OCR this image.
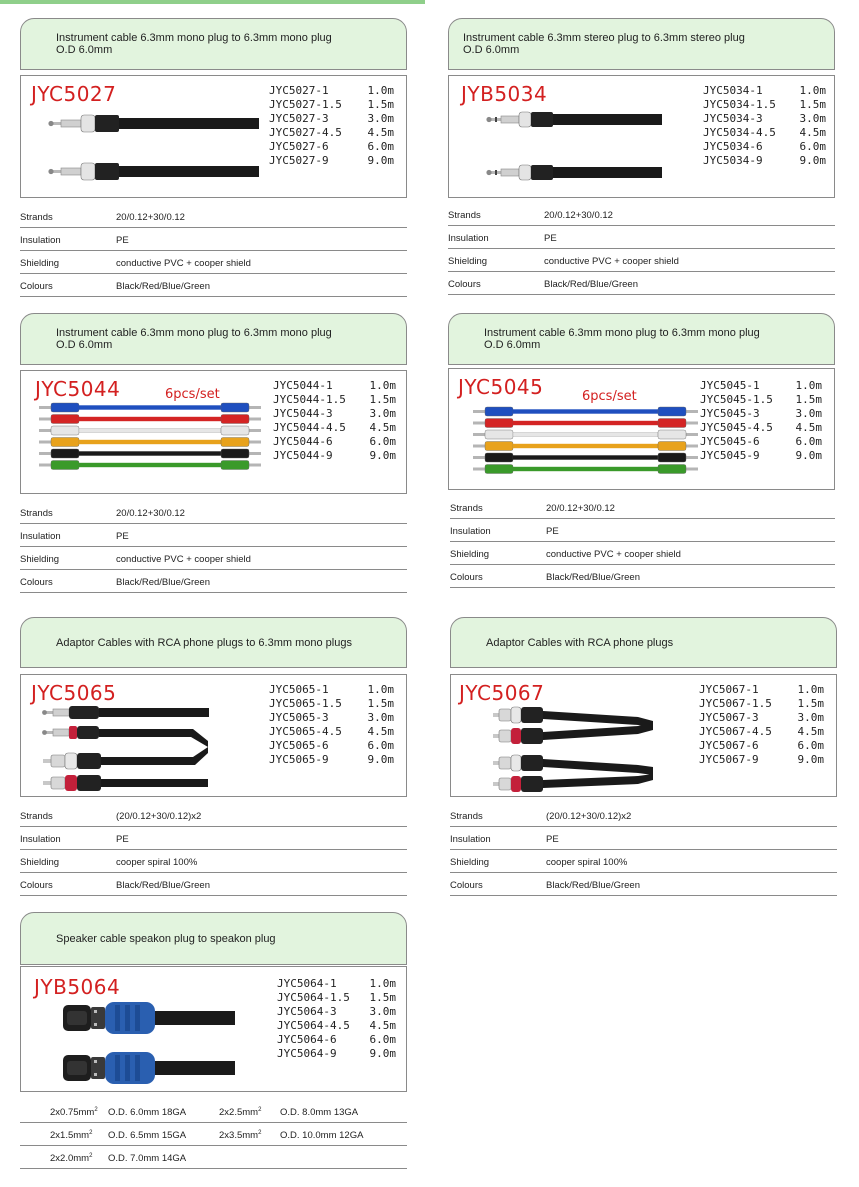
Instrument cable 6.3mm mono plug to 6.3mm mono plug
O.D 6.0mm
JYC5027	JYC5027-1	1.0m
JYC5027-1.5	1.5m
JYC5027-3	3.0m
JYC5027-4.5	4.5m
JYC5027-6	6.0m
JYC5027-9	9.0m
Strands	20/0.12+30/0.12
Insulation	PE
Shielding	conductive PVC + cooper shield
Colours	Black/Red/Blue/Green
Instrument cable 6.3mm stereo plug to 6.3mm stereo plug
O.D 6.0mm
JYB5034	JYC5034-1	1.0m
JYC5034-1.5	1.5m
JYC5034-3	3.0m
JYC5034-4.5	4.5m
JYC5034-6	6.0m
JYC5034-9	9.0m
Strands	20/0.12+30/0.12
Insulation	PE
Shielding	conductive PVC + cooper shield
Colours	Black/Red/Blue/Green
Instrument cable 6.3mm mono plug to 6.3mm mono plug
O.D 6.0mm
JYC5044	6pcs/set
JYC5044-1	1.0m
JYC5044-1.5	1.5m
JYC5044-3	3.0m
JYC5044-4.5	4.5m
JYC5044-6	6.0m
JYC5044-9	9.0m
Strands	20/0.12+30/0.12
Insulation	PE
Shielding	conductive PVC + cooper shield
Colours	Black/Red/Blue/Green
Instrument cable 6.3mm mono plug to 6.3mm mono plug
O.D 6.0mm
JYC5045	6pcs/set
JYC5045-1	1.0m
JYC5045-1.5	1.5m
JYC5045-3	3.0m
JYC5045-4.5	4.5m
JYC5045-6	6.0m
JYC5045-9	9.0m
Strands	20/0.12+30/0.12
Insulation	PE
Shielding	conductive PVC + cooper shield
Colours	Black/Red/Blue/Green
Adaptor Cables with RCA phone plugs to 6.3mm mono plugs
JYC5065	JYC5065-1	1.0m
JYC5065-1.5	1.5m
JYC5065-3	3.0m
JYC5065-4.5	4.5m
JYC5065-6	6.0m
JYC5065-9	9.0m
Strands	(20/0.12+30/0.12)x2
Insulation	PE
Shielding	cooper spiral 100%
Colours	Black/Red/Blue/Green
Adaptor Cables with RCA phone plugs
JYC5067	JYC5067-1	1.0m
JYC5067-1.5	1.5m
JYC5067-3	3.0m
JYC5067-4.5	4.5m
JYC5067-6	6.0m
JYC5067-9	9.0m
Strands	(20/0.12+30/0.12)x2
Insulation	PE
Shielding	cooper spiral 100%
Colours	Black/Red/Blue/Green
Speaker cable speakon plug to speakon plug
JYB5064	JYC5064-1	1.0m
JYC5064-1.5	1.5m
JYC5064-3	3.0m
JYC5064-4.5	4.5m
JYC5064-6	6.0m
JYC5064-9	9.0m
$2x0.75mm^2$ O.D. 6.0mm 18GA	$2x2.5mm^2$ O.D. 8.0mm 13GA
$2x1.5mm^2$ O.D. 6.5mm 15GA	$2x3.5mm^2$ O.D. 10.0mm 12GA
$2x2.0mm^2$ O.D. 7.0mm 14GA
